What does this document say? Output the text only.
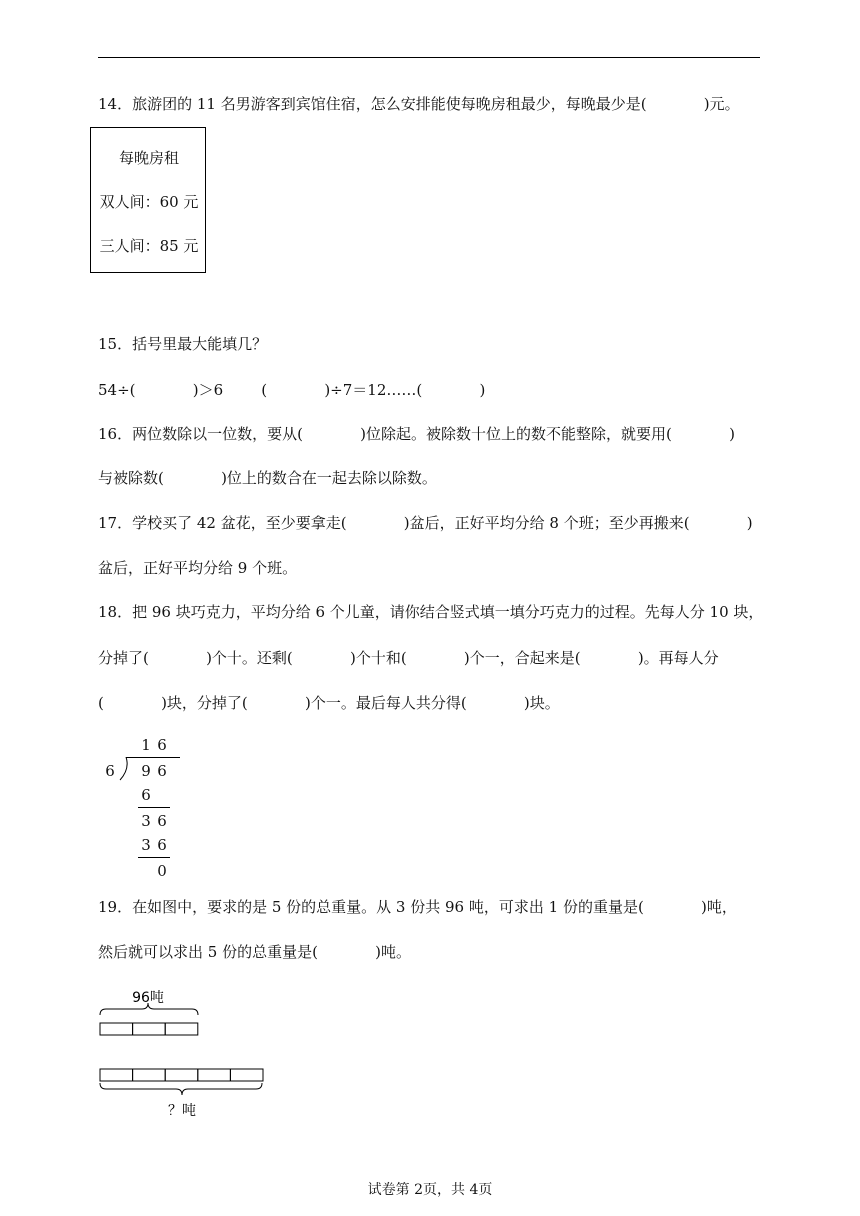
14．旅游团的 11 名男游客到宾馆住宿，怎么安排能使每晚房租最少，每晚最少是(            )元。
每晚房租
双人间：60 元
三人间：85 元
15．括号里最大能填几？
54÷(            )＞6        (            )÷7＝12……(            )
16．两位数除以一位数，要从(            )位除起。被除数十位上的数不能整除，就要用(            )
与被除数(            )位上的数合在一起去除以除数。
17．学校买了 42 盆花，至少要拿走(            )盆后，正好平均分给 8 个班；至少再搬来(            )
盆后，正好平均分给 9 个班。
18．把 96 块巧克力，平均分给 6 个儿童，请你结合竖式填一填分巧克力的过程。先每人分 10 块，
分掉了(            )个十。还剩(            )个十和(            )个一，合起来是(            )。再每人分
(            )块，分掉了(            )个一。最后每人共分得(            )块。
1 6
6	9 6
6
3 6
3 6
0
19．在如图中，要求的是 5 份的总重量。从 3 份共 96 吨，可求出 1 份的重量是(            )吨，
然后就可以求出 5 份的总重量是(            )吨。
96吨
？吨
试卷第 2页，共 4页
